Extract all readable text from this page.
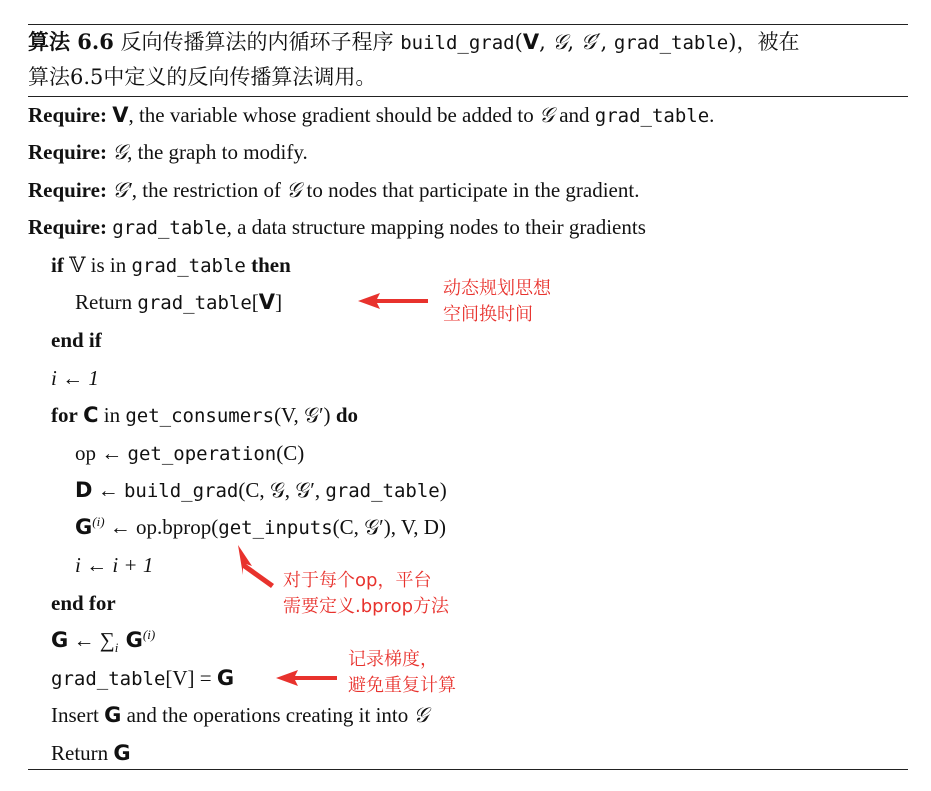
算法 6.6 反向传播算法的内循环子程序 build_grad(V, 𝒢, 𝒢′, grad_table)，被在
算法6.5中定义的反向传播算法调用。
Require: V, the variable whose gradient should be added to 𝒢 and grad_table.
Require: 𝒢, the graph to modify.
Require: 𝒢′, the restriction of 𝒢 to nodes that participate in the gradient.
Require: grad_table, a data structure mapping nodes to their gradients
if 𝕍 is in grad_table then
Return grad_table[V]
end if
i ← 1
for C in get_consumers(V, 𝒢′) do
op ← get_operation(C)
D ← build_grad(C, 𝒢, 𝒢′, grad_table)
$G^{(i)}$ ← op.bprop(get_inputs(C, 𝒢′), V, D)
i ← i + 1
end for
G ← $\sum_i$ $G^{(i)}$
grad_table[V] = G
Insert G and the operations creating it into 𝒢
Return G
动态规划思想
空间换时间
对于每个op，平台
需要定义.bprop方法
记录梯度，
避免重复计算
